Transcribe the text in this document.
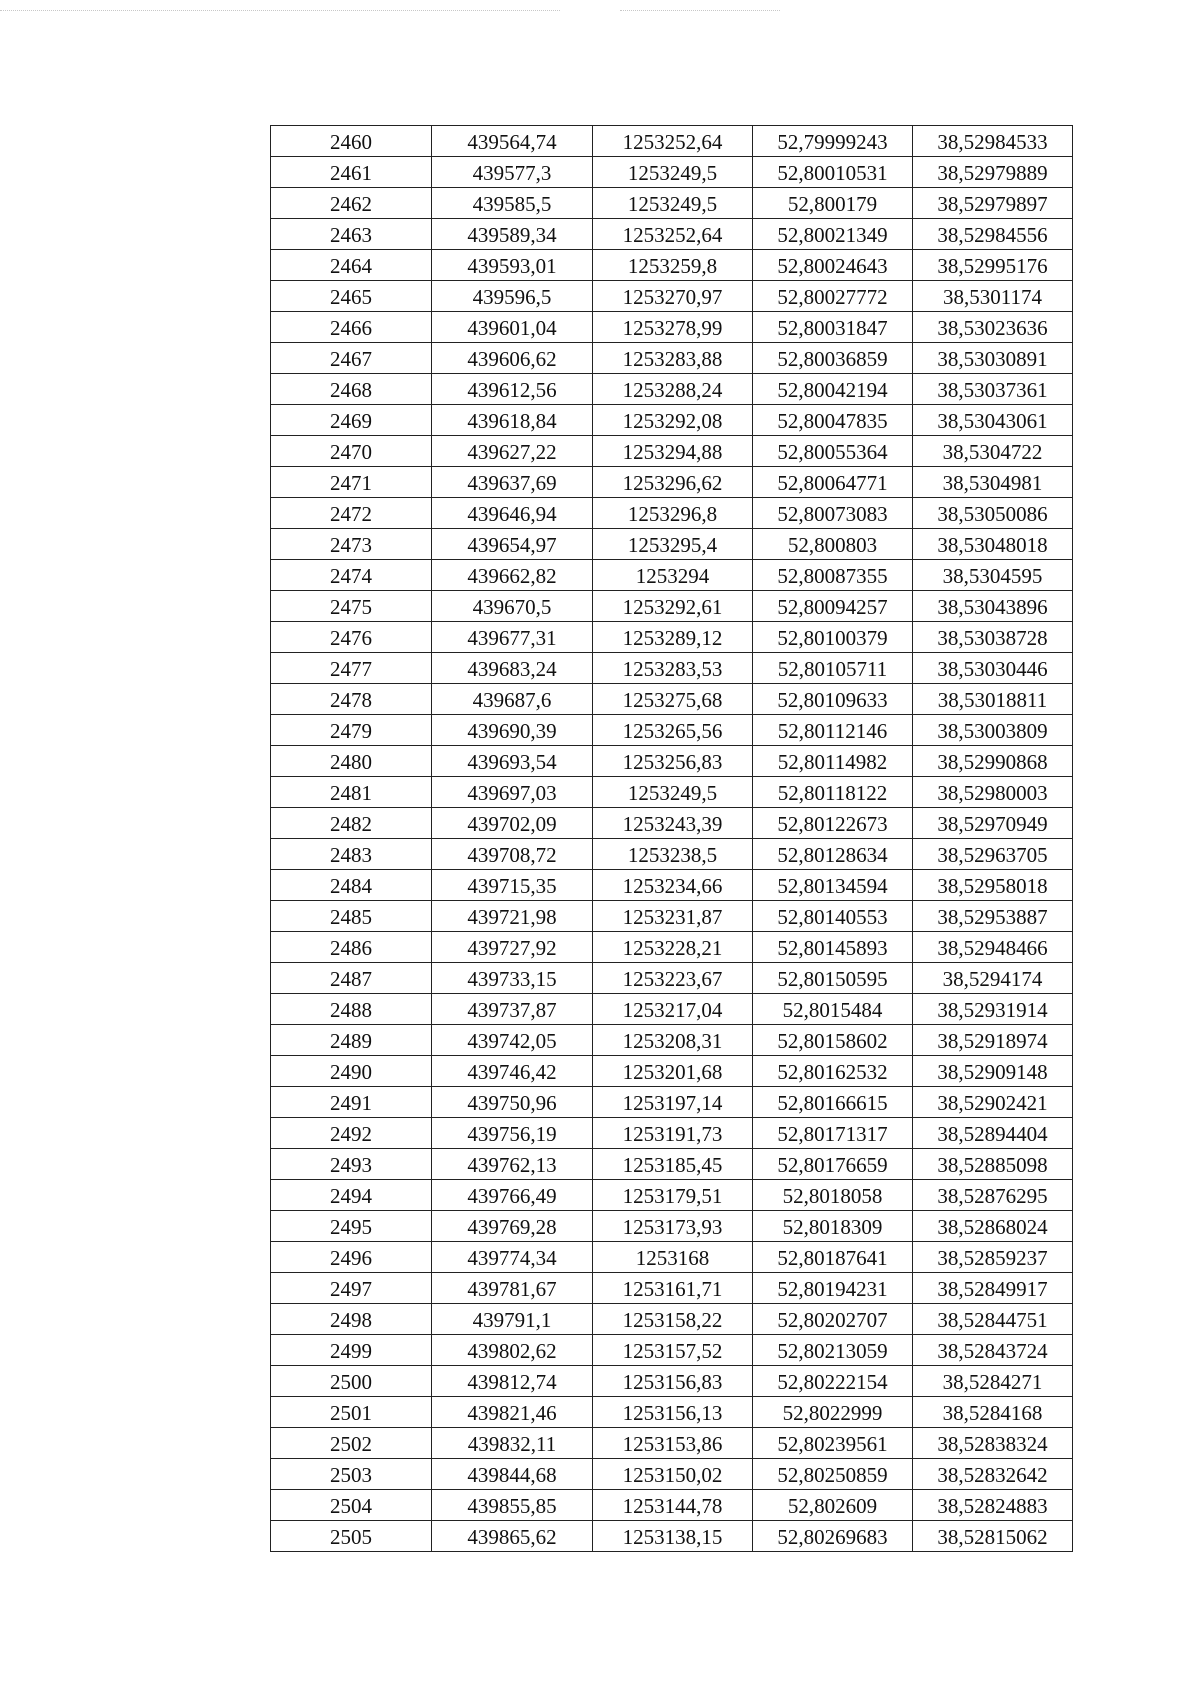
2460	439564,74	1253252,64	52,79999243	38,52984533
2461	439577,3	1253249,5	52,80010531	38,52979889
2462	439585,5	1253249,5	52,800179	38,52979897
2463	439589,34	1253252,64	52,80021349	38,52984556
2464	439593,01	1253259,8	52,80024643	38,52995176
2465	439596,5	1253270,97	52,80027772	38,5301174
2466	439601,04	1253278,99	52,80031847	38,53023636
2467	439606,62	1253283,88	52,80036859	38,53030891
2468	439612,56	1253288,24	52,80042194	38,53037361
2469	439618,84	1253292,08	52,80047835	38,53043061
2470	439627,22	1253294,88	52,80055364	38,5304722
2471	439637,69	1253296,62	52,80064771	38,5304981
2472	439646,94	1253296,8	52,80073083	38,53050086
2473	439654,97	1253295,4	52,800803	38,53048018
2474	439662,82	1253294	52,80087355	38,5304595
2475	439670,5	1253292,61	52,80094257	38,53043896
2476	439677,31	1253289,12	52,80100379	38,53038728
2477	439683,24	1253283,53	52,80105711	38,53030446
2478	439687,6	1253275,68	52,80109633	38,53018811
2479	439690,39	1253265,56	52,80112146	38,53003809
2480	439693,54	1253256,83	52,80114982	38,52990868
2481	439697,03	1253249,5	52,80118122	38,52980003
2482	439702,09	1253243,39	52,80122673	38,52970949
2483	439708,72	1253238,5	52,80128634	38,52963705
2484	439715,35	1253234,66	52,80134594	38,52958018
2485	439721,98	1253231,87	52,80140553	38,52953887
2486	439727,92	1253228,21	52,80145893	38,52948466
2487	439733,15	1253223,67	52,80150595	38,5294174
2488	439737,87	1253217,04	52,8015484	38,52931914
2489	439742,05	1253208,31	52,80158602	38,52918974
2490	439746,42	1253201,68	52,80162532	38,52909148
2491	439750,96	1253197,14	52,80166615	38,52902421
2492	439756,19	1253191,73	52,80171317	38,52894404
2493	439762,13	1253185,45	52,80176659	38,52885098
2494	439766,49	1253179,51	52,8018058	38,52876295
2495	439769,28	1253173,93	52,8018309	38,52868024
2496	439774,34	1253168	52,80187641	38,52859237
2497	439781,67	1253161,71	52,80194231	38,52849917
2498	439791,1	1253158,22	52,80202707	38,52844751
2499	439802,62	1253157,52	52,80213059	38,52843724
2500	439812,74	1253156,83	52,80222154	38,5284271
2501	439821,46	1253156,13	52,8022999	38,5284168
2502	439832,11	1253153,86	52,80239561	38,52838324
2503	439844,68	1253150,02	52,80250859	38,52832642
2504	439855,85	1253144,78	52,802609	38,52824883
2505	439865,62	1253138,15	52,80269683	38,52815062
